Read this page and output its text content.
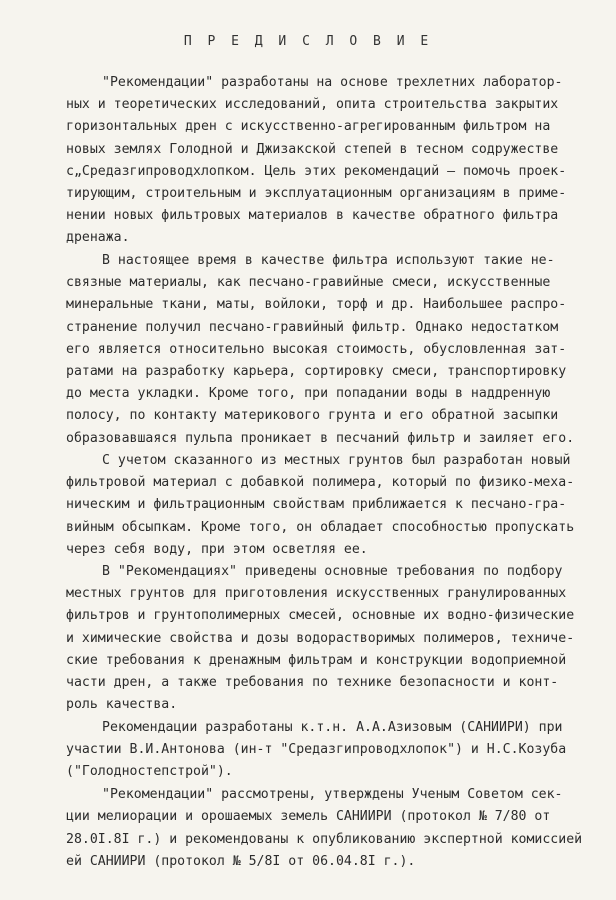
П Р Е Д И С Л О В И Е
"Рекомендации" разработаны на основе трехлетних лаборатор-
ных и теоретических исследований, опита строительства закрытих
горизонтальных дрен с искусственно-агрегированным фильтром на
новых землях Голодной и Джизакской степей в тесном содружестве
с„Средазгипроводхлопком. Цель этих рекомендаций – помочь проек-
тирующим, строительным и эксплуатационным организациям в приме-
нении новых фильтровых материалов в качестве обратного фильтра
дренажа.
В настоящее время в качестве фильтра используют такие не-
связные материалы, как песчано-гравийные смеси, искусственные
минеральные ткани, маты, войлоки, торф и др. Наибольшее распро-
странение получил песчано-гравийный фильтр. Однако недостатком
его является относительно высокая стоимость, обусловленная зат-
ратами на разработку карьера, сортировку смеси, транспортировку
до места укладки. Кроме того, при попадании воды в наддренную
полосу, по контакту материкового грунта и его обратной засыпки
образовавшаяся пульпа проникает в песчаний фильтр и заиляет его.
С учетом сказанного из местных грунтов был разработан новый
фильтровой материал с добавкой полимера, который по физико-меха-
ническим и фильтрационным свойствам приближается к песчано-гра-
вийным обсыпкам. Кроме того, он обладает способностью пропускать
через себя воду, при этом осветляя ее.
В "Рекомендациях" приведены основные требования по подбору
местных грунтов для приготовления искусственных гранулированных
фильтров и грунтополимерных смесей, основные их водно-физические
и химические свойства и дозы водорастворимых полимеров, техниче-
ские требования к дренажным фильтрам и конструкции водоприемной
части дрен, а также требования по технике безопасности и конт-
роль качества.
Рекомендации разработаны к.т.н. А.А.Азизовым (САНИИРИ) при
участии В.И.Антонова (ин-т "Средазгипроводхлопок") и Н.С.Козуба
("Голодностепстрой").
"Рекомендации" рассмотрены, утверждены Ученым Советом сек-
ции мелиорации и орошаемых земель САНИИРИ (протокол № 7/80 от
28.0I.8I г.) и рекомендованы к опубликованию экспертной комиссией
ей САНИИРИ (протокол № 5/8I от 06.04.8I г.).
